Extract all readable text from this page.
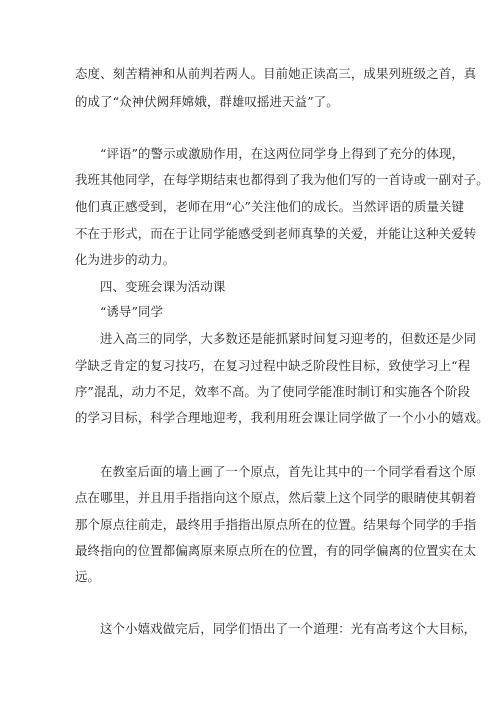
态度、刻苦精神和从前判若两人。目前她正读高三，成果列班级之首，真
的成了“众神伏阙拜嫦娥，群雄叹摇进天益”了。
“评语”的警示或激励作用，在这两位同学身上得到了充分的体现，
我班其他同学，在每学期结束也都得到了我为他们写的一首诗或一副对子。
他们真正感受到，老师在用“心”关注他们的成长。当然评语的质量关键
不在于形式，而在于让同学能感受到老师真挚的关爱，并能让这种关爱转
化为进步的动力。
四、变班会课为活动课
“诱导”同学
进入高三的同学，大多数还是能抓紧时间复习迎考的，但数还是少同
学缺乏肯定的复习技巧，在复习过程中缺乏阶段性目标，致使学习上“程
序”混乱，动力不足，效率不高。为了使同学能准时制订和实施各个阶段
的学习目标，科学合理地迎考，我利用班会课让同学做了一个小小的嬉戏。
在教室后面的墙上画了一个原点，首先让其中的一个同学看看这个原
点在哪里，并且用手指指向这个原点，然后蒙上这个同学的眼睛使其朝着
那个原点往前走，最终用手指指出原点所在的位置。结果每个同学的手指
最终指向的位置都偏离原来原点所在的位置，有的同学偏离的位置实在太
远。
这个小嬉戏做完后，同学们悟出了一个道理：光有高考这个大目标，
